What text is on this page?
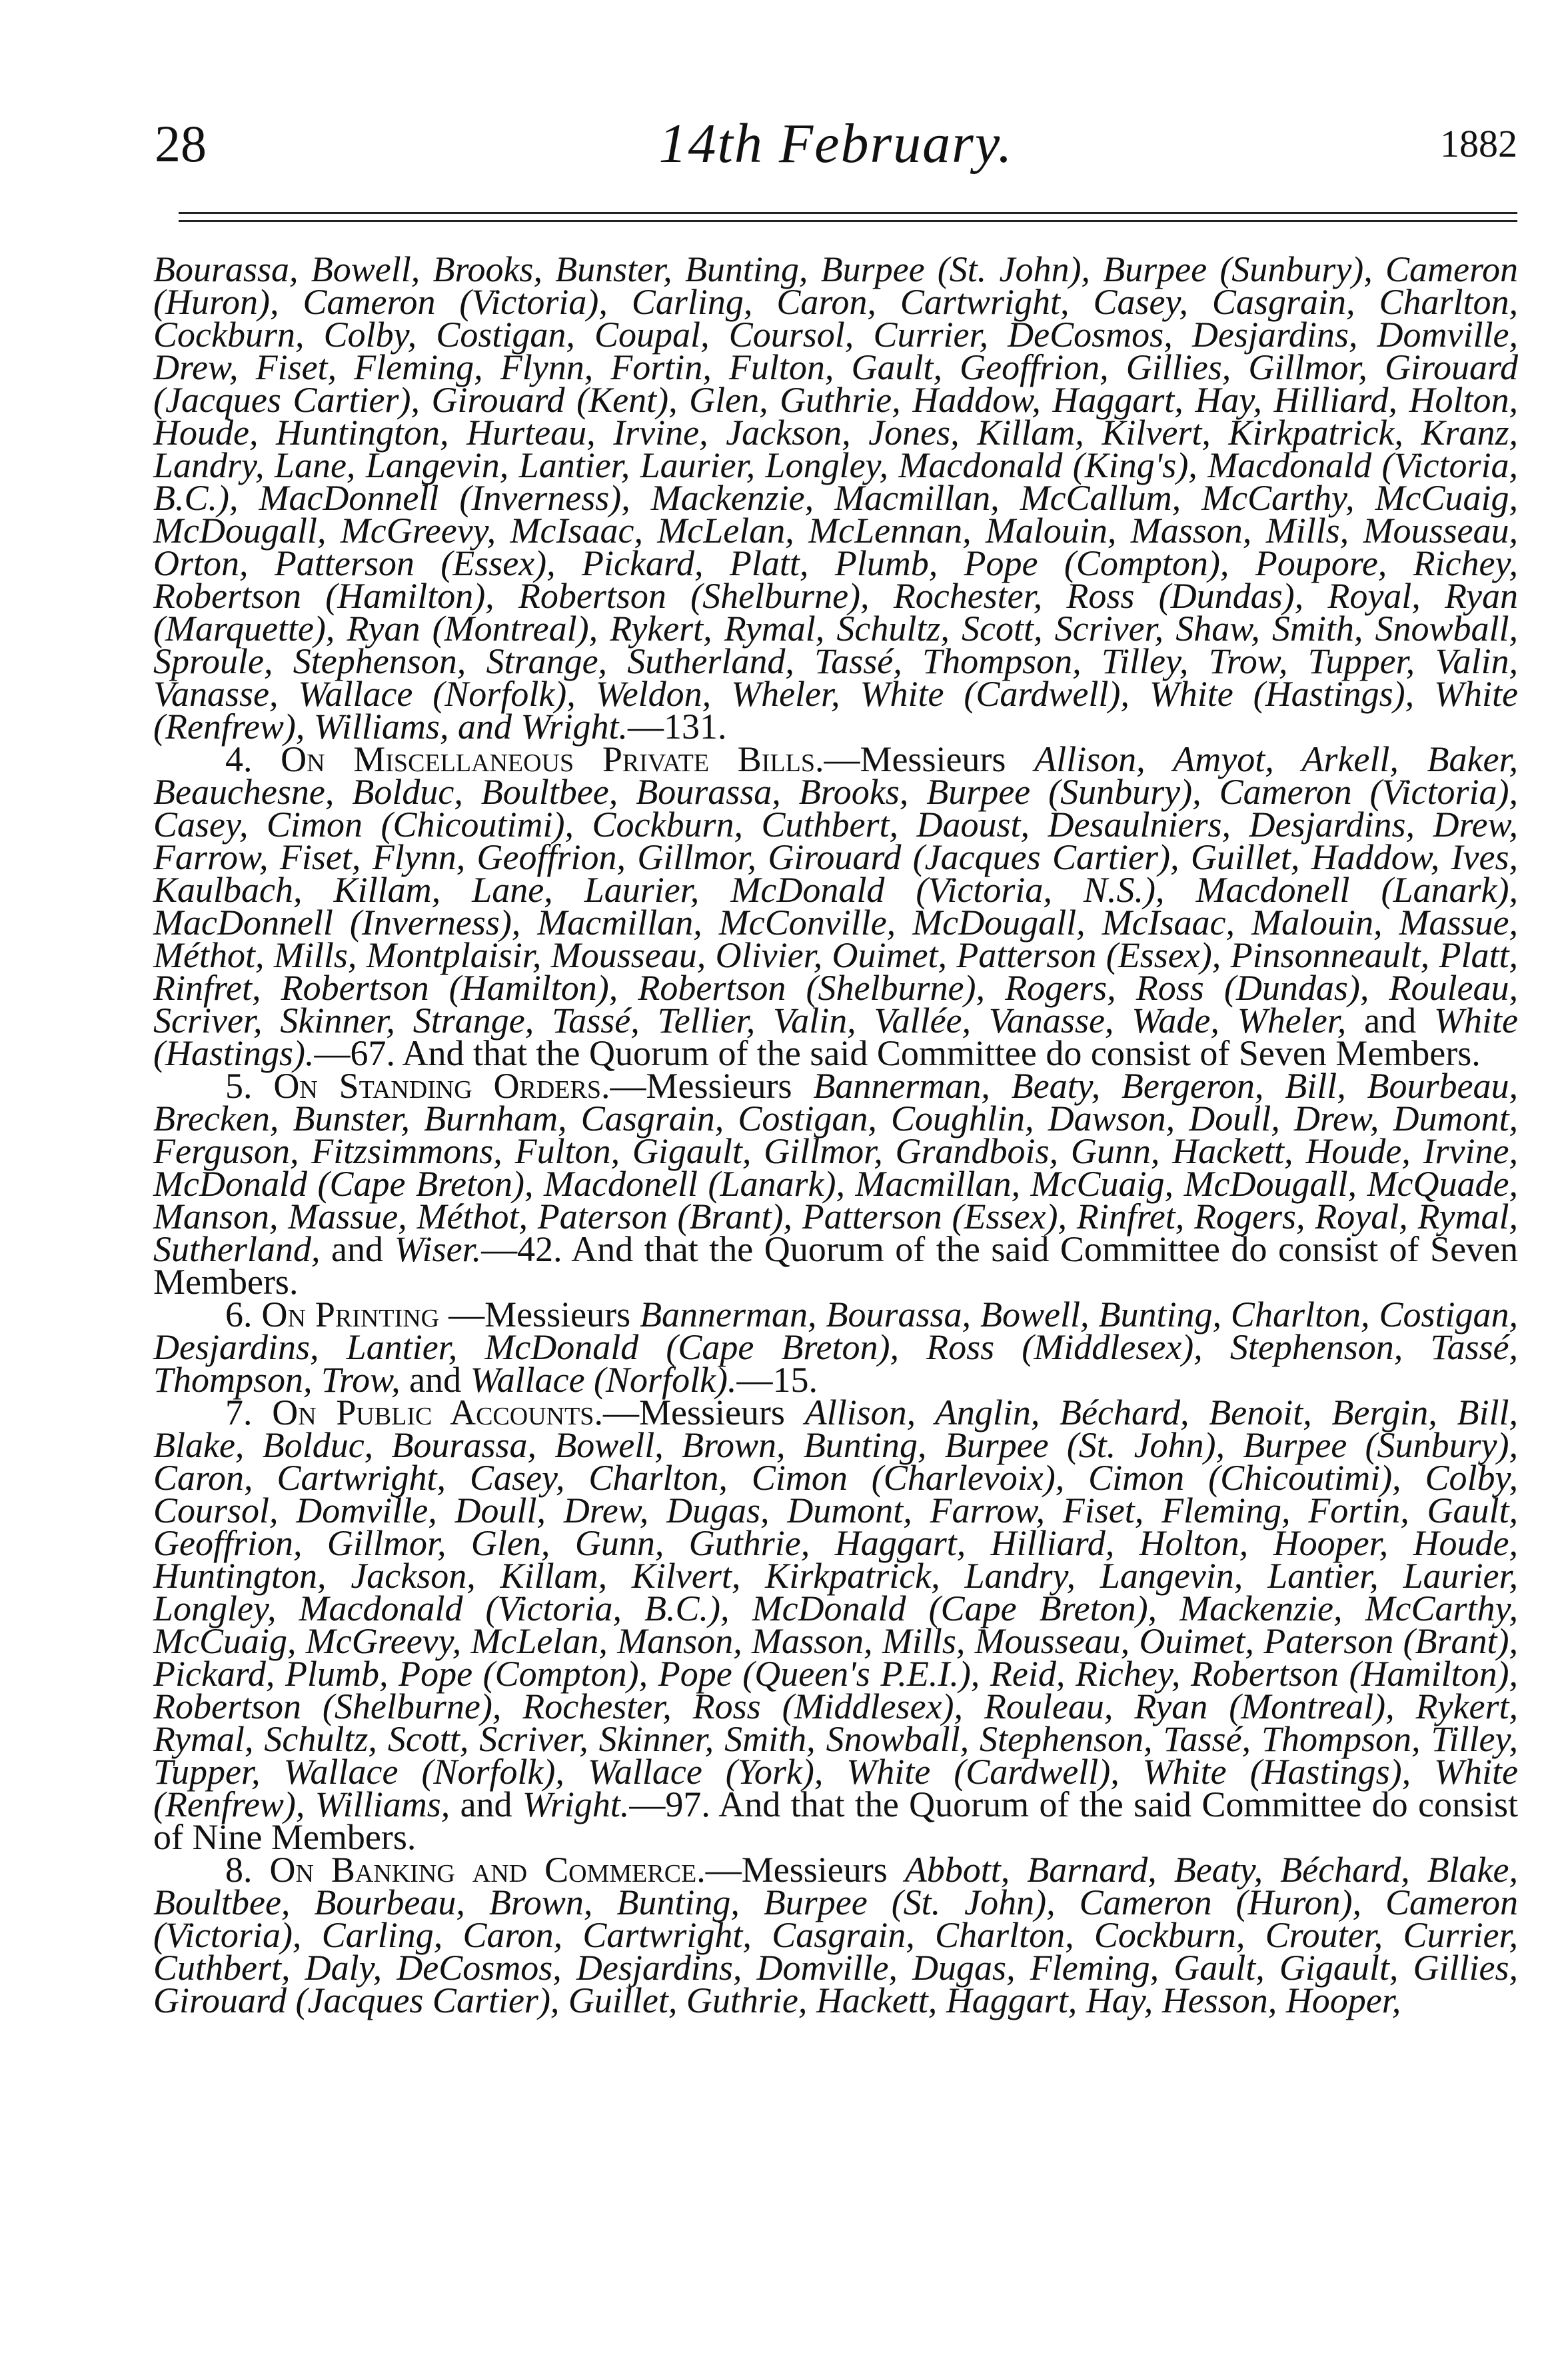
28	14th February.	1882

Bourassa, Bowell, Brooks, Bunster, Bunting, Burpee (St. John), Burpee (Sunbury), Cameron (Huron), Cameron (Victoria), Carling, Caron, Cartwright, Casey, Casgrain, Charlton, Cockburn, Colby, Costigan, Coupal, Coursol, Currier, DeCosmos, Desjardins, Domville, Drew, Fiset, Fleming, Flynn, Fortin, Fulton, Gault, Geoffrion, Gillies, Gillmor, Girouard (Jacques Cartier), Girouard (Kent), Glen, Guthrie, Haddow, Haggart, Hay, Hilliard, Holton, Houde, Huntington, Hurteau, Irvine, Jackson, Jones, Killam, Kilvert, Kirkpatrick, Kranz, Landry, Lane, Langevin, Lantier, Laurier, Longley, Macdonald (King's), Macdonald (Victoria, B.C.), MacDonnell (Inverness), Mackenzie, Macmillan, McCallum, McCarthy, McCuaig, McDougall, McGreevy, McIsaac, McLelan, McLennan, Malouin, Masson, Mills, Mousseau, Orton, Patterson (Essex), Pickard, Platt, Plumb, Pope (Compton), Poupore, Richey, Robertson (Hamilton), Robertson (Shelburne), Rochester, Ross (Dundas), Royal, Ryan (Marquette), Ryan (Montreal), Rykert, Rymal, Schultz, Scott, Scriver, Shaw, Smith, Snowball, Sproule, Stephenson, Strange, Sutherland, Tassé, Thompson, Tilley, Trow, Tupper, Valin, Vanasse, Wallace (Norfolk), Weldon, Wheler, White (Cardwell), White (Hastings), White (Renfrew), Williams, and Wright.—131.

4. On Miscellaneous Private Bills.—Messieurs Allison, Amyot, Arkell, Baker, Beauchesne, Bolduc, Boultbee, Bourassa, Brooks, Burpee (Sunbury), Cameron (Victoria), Casey, Cimon (Chicoutimi), Cockburn, Cuthbert, Daoust, Desaulniers, Desjardins, Drew, Farrow, Fiset, Flynn, Geoffrion, Gillmor, Girouard (Jacques Cartier), Guillet, Haddow, Ives, Kaulbach, Killam, Lane, Laurier, McDonald (Victoria, N.S.), Macdonell (Lanark), MacDonnell (Inverness), Macmillan, McConville, McDougall, McIsaac, Malouin, Massue, Méthot, Mills, Montplaisir, Mousseau, Olivier, Ouimet, Patterson (Essex), Pinsonneault, Platt, Rinfret, Robertson (Hamilton), Robertson (Shelburne), Rogers, Ross (Dundas), Rouleau, Scriver, Skinner, Strange, Tassé, Tellier, Valin, Vallée, Vanasse, Wade, Wheler, and White (Hastings).—67. And that the Quorum of the said Committee do consist of Seven Members.

5. On Standing Orders.—Messieurs Bannerman, Beaty, Bergeron, Bill, Bourbeau, Brecken, Bunster, Burnham, Casgrain, Costigan, Coughlin, Dawson, Doull, Drew, Dumont, Ferguson, Fitzsimmons, Fulton, Gigault, Gillmor, Grandbois, Gunn, Hackett, Houde, Irvine, McDonald (Cape Breton), Macdonell (Lanark), Macmillan, McCuaig, McDougall, McQuade, Manson, Massue, Méthot, Paterson (Brant), Patterson (Essex), Rinfret, Rogers, Royal, Rymal, Sutherland, and Wiser.—42. And that the Quorum of the said Committee do consist of Seven Members.

6. On Printing —Messieurs Bannerman, Bourassa, Bowell, Bunting, Charlton, Costigan, Desjardins, Lantier, McDonald (Cape Breton), Ross (Middlesex), Stephenson, Tassé, Thompson, Trow, and Wallace (Norfolk).—15.

7. On Public Accounts.—Messieurs Allison, Anglin, Béchard, Benoit, Bergin, Bill, Blake, Bolduc, Bourassa, Bowell, Brown, Bunting, Burpee (St. John), Burpee (Sunbury), Caron, Cartwright, Casey, Charlton, Cimon (Charlevoix), Cimon (Chicoutimi), Colby, Coursol, Domville, Doull, Drew, Dugas, Dumont, Farrow, Fiset, Fleming, Fortin, Gault, Geoffrion, Gillmor, Glen, Gunn, Guthrie, Haggart, Hilliard, Holton, Hooper, Houde, Huntington, Jackson, Killam, Kilvert, Kirkpatrick, Landry, Langevin, Lantier, Laurier, Longley, Macdonald (Victoria, B.C.), McDonald (Cape Breton), Mackenzie, McCarthy, McCuaig, McGreevy, McLelan, Manson, Masson, Mills, Mousseau, Ouimet, Paterson (Brant), Pickard, Plumb, Pope (Compton), Pope (Queen's P.E.I.), Reid, Richey, Robertson (Hamilton), Robertson (Shelburne), Rochester, Ross (Middlesex), Rouleau, Ryan (Montreal), Rykert, Rymal, Schultz, Scott, Scriver, Skinner, Smith, Snowball, Stephenson, Tassé, Thompson, Tilley, Tupper, Wallace (Norfolk), Wallace (York), White (Cardwell), White (Hastings), White (Renfrew), Williams, and Wright.—97. And that the Quorum of the said Committee do consist of Nine Members.

8. On Banking and Commerce.—Messieurs Abbott, Barnard, Beaty, Béchard, Blake, Boultbee, Bourbeau, Brown, Bunting, Burpee (St. John), Cameron (Huron), Cameron (Victoria), Carling, Caron, Cartwright, Casgrain, Charlton, Cockburn, Crouter, Currier, Cuthbert, Daly, DeCosmos, Desjardins, Domville, Dugas, Fleming, Gault, Gigault, Gillies, Girouard (Jacques Cartier), Guillet, Guthrie, Hackett, Haggart, Hay, Hesson, Hooper,
